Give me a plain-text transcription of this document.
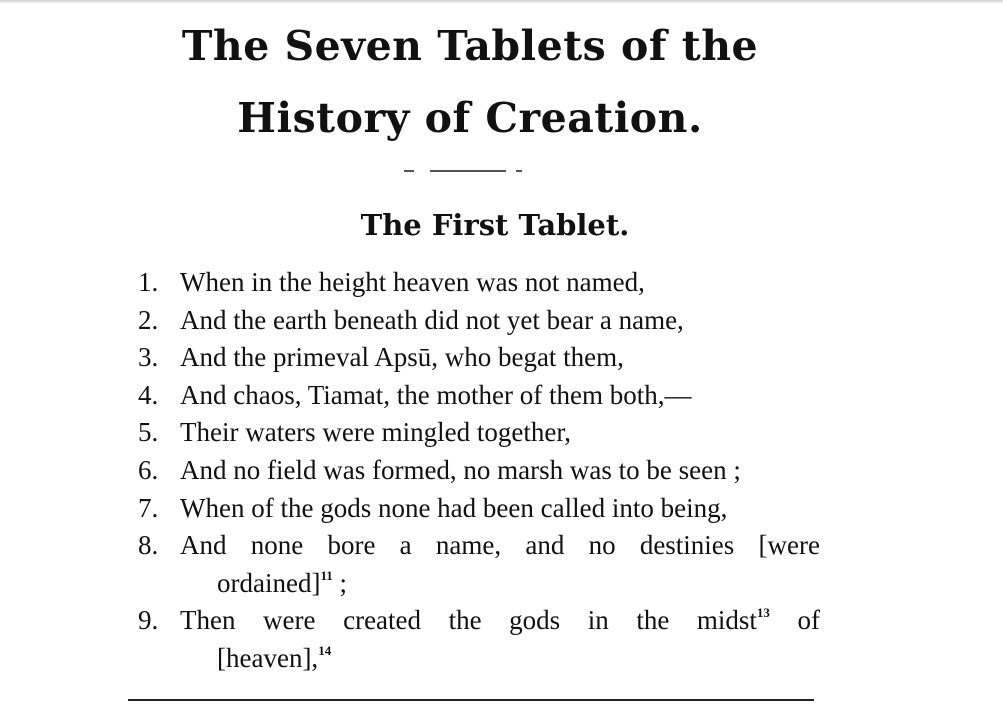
The Seven Tablets of the History of Creation.
The First Tablet.
1. When in the height heaven was not named,
2. And the earth beneath did not yet bear a name,
3. And the primeval Apsū, who begat them,
4. And chaos, Tiamat, the mother of them both,—
5. Their waters were mingled together,
6. And no field was formed, no marsh was to be seen ;
7. When of the gods none had been called into being,
8. And none bore a name, and no destinies [were
ordained]$^{11}$ ;
9. Then were created the gods in the midst$^{13}$ of
[heaven],$^{14}$
